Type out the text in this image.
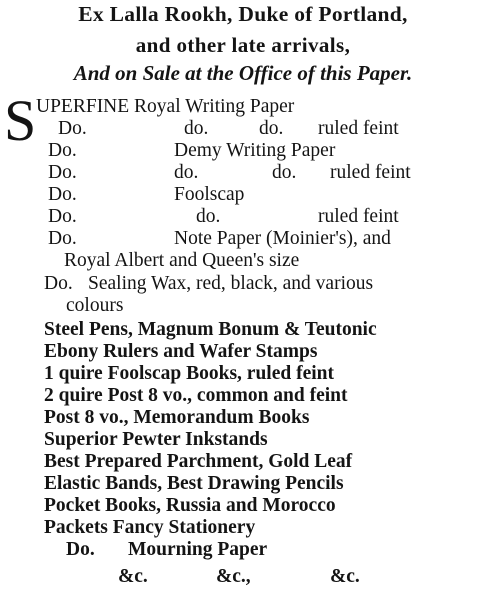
Ex Lalla Rookh, Duke of Portland,
and other late arrivals,
And on Sale at the Office of this Paper.
S UPERFINE Royal Writing Paper
Do.	do.	do. ruled feint
Do.	Demy Writing Paper
Do.	do.	do. ruled feint
Do.	Foolscap
Do.	do.	ruled feint
Do.	Note Paper (Moinier's), and
Royal Albert and Queen's size
Do. Sealing Wax, red, black, and various
colours
Steel Pens, Magnum Bonum & Teutonic
Ebony Rulers and Wafer Stamps
1 quire Foolscap Books, ruled feint
2 quire Post 8 vo., common and feint
Post 8 vo., Memorandum Books
Superior Pewter Inkstands
Best Prepared Parchment, Gold Leaf
Elastic Bands, Best Drawing Pencils
Pocket Books, Russia and Morocco
Packets Fancy Stationery
Do. Mourning Paper
&c.	&c.,	&c.
